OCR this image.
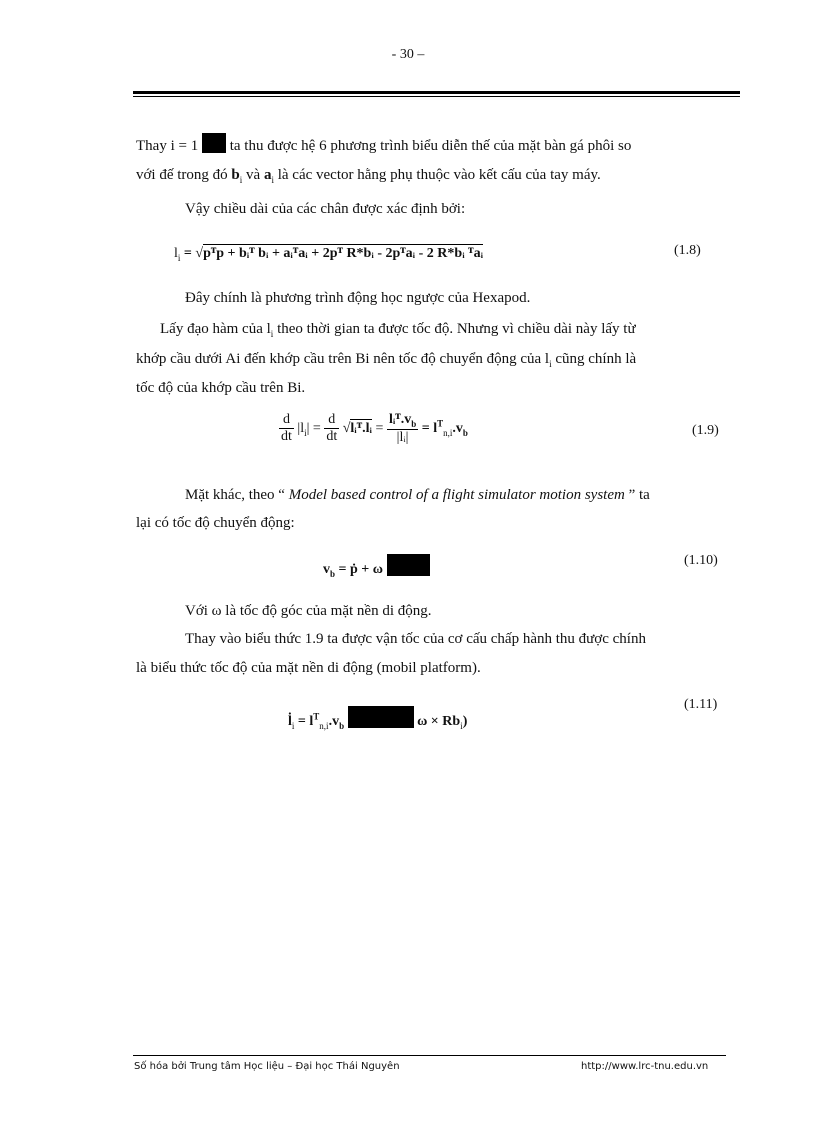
- 30 –
Thay i = 1 ta thu được hệ 6 phương trình biểu diễn thế của mặt bàn gá phôi so
với đế trong đó $b_i$ và $a_i$ là các vector hằng phụ thuộc vào kết cấu của tay máy.
Vậy chiều dài của các chân được xác định bởi:
$l_i$ = √pᵀp + bᵢᵀ bᵢ + aᵢᵀaᵢ + 2pᵀ R*bᵢ - 2pᵀaᵢ - 2 R*bᵢ ᵀaᵢ	(1.8)
Đây chính là phương trình động học ngược của Hexapod.
Lấy đạo hàm của $l_i$ theo thời gian ta được tốc độ. Nhưng vì chiều dài này lấy từ
khớp cầu dưới Ai đến khớp cầu trên Bi nên tốc độ chuyển động của $l_i$ cũng chính là
tốc độ của khớp cầu trên Bi.
$\frac{d}{dt} |l_i| = \frac{d}{dt}$ √lᵢᵀ.lᵢ = $\frac{lᵢᵀ.v_b}{\text{|lᵢ|}} = l^T_{n,i}.v_b$	(1.9)
Mặt khác, theo “ Model based control of a flight simulator motion system ” ta
lại có tốc độ chuyển động:
$v_b$ = ṗ + ω
(1.10)
Với ω là tốc độ góc của mặt nền di động.
Thay vào biểu thức 1.9 ta được vận tốc của cơ cấu chấp hành thu được chính
là biểu thức tốc độ của mặt nền di động (mobil platform).
$l̇_i = l^T_{n,i}.v_b$	$\omega \times Rb_i$)
(1.11)
Số hóa bởi Trung tâm Học liệu – Đại học Thái Nguyên	http://www.lrc-tnu.edu.vn
